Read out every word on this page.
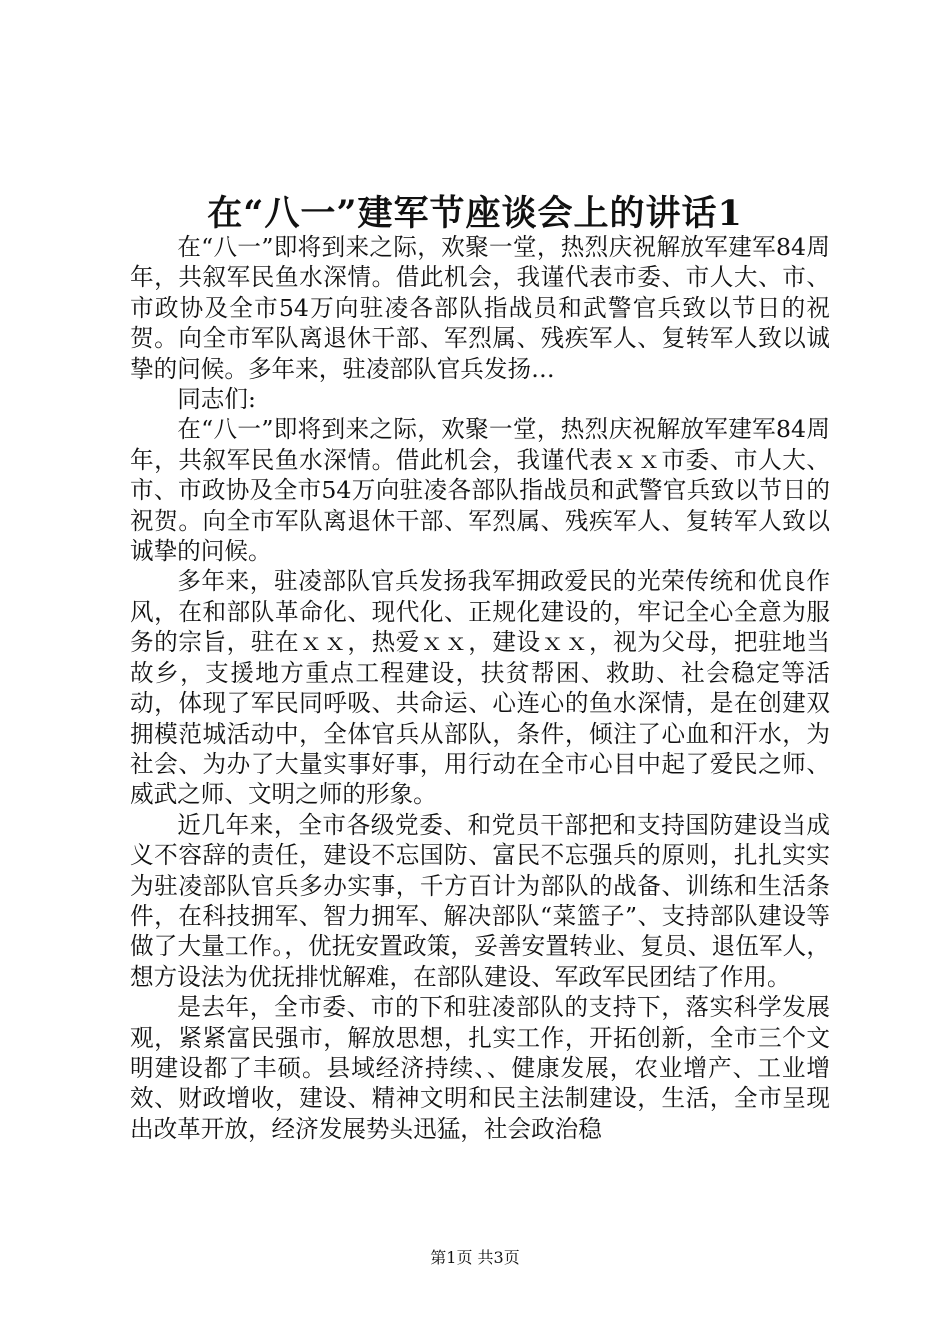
在“八一”建军节座谈会上的讲话1

在“八一”即将到来之际，欢聚一堂，热烈庆祝解放军建军84周年，共叙军民鱼水深情。借此机会，我谨代表市委、市人大、市、市政协及全市54万向驻凌各部队指战员和武警官兵致以节日的祝贺。向全市军队离退休干部、军烈属、残疾军人、复转军人致以诚挚的问候。多年来，驻凌部队官兵发扬…

同志们:

在“八一”即将到来之际，欢聚一堂，热烈庆祝解放军建军84周年，共叙军民鱼水深情。借此机会，我谨代表ｘｘ市委、市人大、市、市政协及全市54万向驻凌各部队指战员和武警官兵致以节日的祝贺。向全市军队离退休干部、军烈属、残疾军人、复转军人致以诚挚的问候。

多年来，驻凌部队官兵发扬我军拥政爱民的光荣传统和优良作风，在和部队革命化、现代化、正规化建设的，牢记全心全意为服务的宗旨，驻在ｘｘ，热爱ｘｘ，建设ｘｘ，视为父母，把驻地当故乡，支援地方重点工程建设，扶贫帮困、救助、社会稳定等活动，体现了军民同呼吸、共命运、心连心的鱼水深情，是在创建双拥模范城活动中，全体官兵从部队，条件，倾注了心血和汗水，为社会、为办了大量实事好事，用行动在全市心目中起了爱民之师、威武之师、文明之师的形象。

近几年来，全市各级党委、和党员干部把和支持国防建设当成义不容辞的责任，建设不忘国防、富民不忘强兵的原则，扎扎实实为驻凌部队官兵多办实事，千方百计为部队的战备、训练和生活条件，在科技拥军、智力拥军、解决部队“菜篮子”、支持部队建设等做了大量工作。，优抚安置政策，妥善安置转业、复员、退伍军人，想方设法为优抚排忧解难，在部队建设、军政军民团结了作用。

是去年，全市委、市的下和驻凌部队的支持下，落实科学发展观，紧紧富民强市，解放思想，扎实工作，开拓创新，全市三个文明建设都了丰硕。县域经济持续、、健康发展，农业增产、工业增效、财政增收，建设、精神文明和民主法制建设，生活，全市呈现出改革开放，经济发展势头迅猛，社会政治稳

第1页 共3页
